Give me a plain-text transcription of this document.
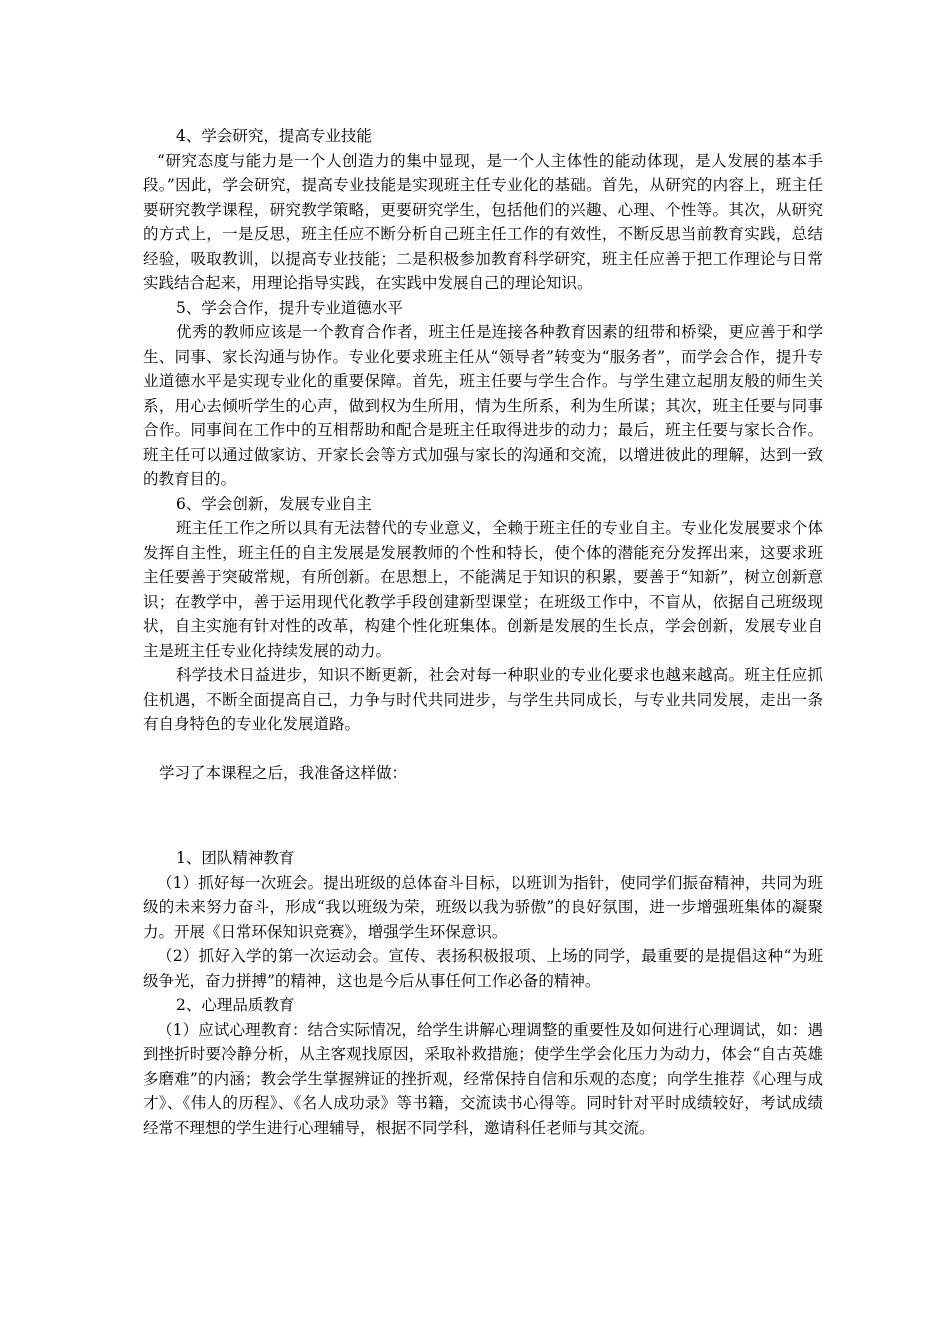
4、学会研究，提高专业技能

“研究态度与能力是一个人创造力的集中显现，是一个人主体性的能动体现，是人发展的基本手段。”因此，学会研究，提高专业技能是实现班主任专业化的基础。首先，从研究的内容上，班主任要研究教学课程，研究教学策略，更要研究学生，包括他们的兴趣、心理、个性等。其次，从研究的方式上，一是反思，班主任应不断分析自己班主任工作的有效性，不断反思当前教育实践，总结经验，吸取教训，以提高专业技能；二是积极参加教育科学研究，班主任应善于把工作理论与日常实践结合起来，用理论指导实践，在实践中发展自己的理论知识。

5、学会合作，提升专业道德水平

优秀的教师应该是一个教育合作者，班主任是连接各种教育因素的纽带和桥梁，更应善于和学生、同事、家长沟通与协作。专业化要求班主任从“领导者”转变为“服务者”，而学会合作，提升专业道德水平是实现专业化的重要保障。首先，班主任要与学生合作。与学生建立起朋友般的师生关系，用心去倾听学生的心声，做到权为生所用，情为生所系，利为生所谋；其次，班主任要与同事合作。同事间在工作中的互相帮助和配合是班主任取得进步的动力；最后，班主任要与家长合作。班主任可以通过做家访、开家长会等方式加强与家长的沟通和交流，以增进彼此的理解，达到一致的教育目的。

6、学会创新，发展专业自主

班主任工作之所以具有无法替代的专业意义，全赖于班主任的专业自主。专业化发展要求个体发挥自主性，班主任的自主发展是发展教师的个性和特长，使个体的潜能充分发挥出来，这要求班主任要善于突破常规，有所创新。在思想上，不能满足于知识的积累，要善于“知新”，树立创新意识；在教学中，善于运用现代化教学手段创建新型课堂；在班级工作中，不盲从，依据自己班级现状，自主实施有针对性的改革，构建个性化班集体。创新是发展的生长点，学会创新，发展专业自主是班主任专业化持续发展的动力。

科学技术日益进步，知识不断更新，社会对每一种职业的专业化要求也越来越高。班主任应抓住机遇，不断全面提高自己，力争与时代共同进步，与学生共同成长，与专业共同发展，走出一条有自身特色的专业化发展道路。

学习了本课程之后，我准备这样做：

1、团队精神教育

（1）抓好每一次班会。提出班级的总体奋斗目标，以班训为指针，使同学们振奋精神，共同为班级的未来努力奋斗，形成“我以班级为荣，班级以我为骄傲”的良好氛围，进一步增强班集体的凝聚力。开展《日常环保知识竞赛》，增强学生环保意识。

（2）抓好入学的第一次运动会。宣传、表扬积极报项、上场的同学，最重要的是提倡这种“为班级争光，奋力拼搏”的精神，这也是今后从事任何工作必备的精神。

2、心理品质教育

（1）应试心理教育：结合实际情况，给学生讲解心理调整的重要性及如何进行心理调试，如：遇到挫折时要冷静分析，从主客观找原因，采取补救措施；使学生学会化压力为动力，体会“自古英雄多磨难”的内涵；教会学生掌握辨证的挫折观，经常保持自信和乐观的态度；向学生推荐《心理与成才》、《伟人的历程》、《名人成功录》等书籍，交流读书心得等。同时针对平时成绩较好，考试成绩经常不理想的学生进行心理辅导，根据不同学科，邀请科任老师与其交流。
